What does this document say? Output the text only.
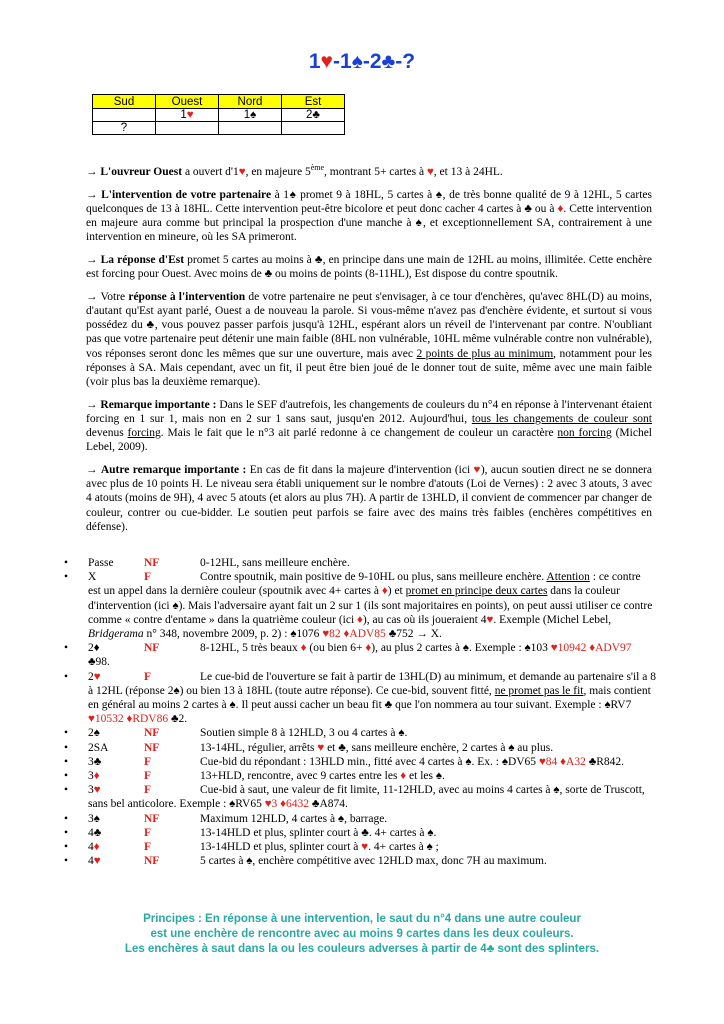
1♥-1♠-2♣-?
Sud	Ouest	Nord	Est
	1♥	1♠	2♣
?			

→ L'ouvreur Ouest a ouvert d'1♥, en majeure 5ème, montrant 5+ cartes à ♥, et 13 à 24HL.

→ L'intervention de votre partenaire à 1♠ promet 9 à 18HL, 5 cartes à ♠, de très bonne qualité de 9 à 12HL, 5 cartes quelconques de 13 à 18HL. Cette intervention peut-être bicolore et peut donc cacher 4 cartes à ♣ ou à ♦. Cette intervention en majeure aura comme but principal la prospection d'une manche à ♠, et exceptionnellement SA, contrairement à une intervention en mineure, où les SA primeront.

→ La réponse d'Est promet 5 cartes au moins à ♣, en principe dans une main de 12HL au moins, illimitée. Cette enchère est forcing pour Ouest. Avec moins de ♣ ou moins de points (8-11HL), Est dispose du contre spoutnik.

→ Votre réponse à l'intervention de votre partenaire ne peut s'envisager, à ce tour d'enchères, qu'avec 8HL(D) au moins, d'autant qu'Est ayant parlé, Ouest a de nouveau la parole. Si vous-même n'avez pas d'enchère évidente, et surtout si vous possédez du ♣, vous pouvez passer parfois jusqu'à 12HL, espérant alors un réveil de l'intervenant par contre. N'oubliant pas que votre partenaire peut détenir une main faible (8HL non vulnérable, 10HL même vulnérable contre non vulnérable), vos réponses seront donc les mêmes que sur une ouverture, mais avec 2 points de plus au minimum, notamment pour les réponses à SA. Mais cependant, avec un fit, il peut être bien joué de le donner tout de suite, même avec une main faible (voir plus bas la deuxième remarque).

→ Remarque importante : Dans le SEF d'autrefois, les changements de couleurs du n°4 en réponse à l'intervenant étaient forcing en 1 sur 1, mais non en 2 sur 1 sans saut, jusqu'en 2012. Aujourd'hui, tous les changements de couleur sont devenus forcing. Mais le fait que le n°3 ait parlé redonne à ce changement de couleur un caractère non forcing (Michel Lebel, 2009).

→ Autre remarque importante : En cas de fit dans la majeure d'intervention (ici ♥), aucun soutien direct ne se donnera avec plus de 10 points H. Le niveau sera établi uniquement sur le nombre d'atouts (Loi de Vernes) : 2 avec 3 atouts, 3 avec 4 atouts (moins de 9H), 4 avec 5 atouts (et alors au plus 7H). A partir de 13HLD, il convient de commencer par changer de couleur, contrer ou cue-bidder. Le soutien peut parfois se faire avec des mains très faibles (enchères compétitives en défense).

• Passe	NF	0-12HL, sans meilleure enchère.
• X	F	Contre spoutnik, main positive de 9-10HL ou plus, sans meilleure enchère. Attention : ce contre est un appel dans la dernière couleur (spoutnik avec 4+ cartes à ♦) et promet en principe deux cartes dans la couleur d'intervention (ici ♠). Mais l'adversaire ayant fait un 2 sur 1 (ils sont majoritaires en points), on peut aussi utiliser ce contre comme « contre d'entame » dans la quatrième couleur (ici ♦), au cas où ils joueraient 4♥. Exemple (Michel Lebel, Bridgerama n° 348, novembre 2009, p. 2) : ♠1076 ♥82 ♦ADV85 ♣752 → X.
• 2♦	NF	8-12HL, 5 très beaux ♦ (ou bien 6+ ♦), au plus 2 cartes à ♠. Exemple : ♠103 ♥10942 ♦ADV97 ♣98.
• 2♥	F	Le cue-bid de l'ouverture se fait à partir de 13HL(D) au minimum, et demande au partenaire s'il a 8 à 12HL (réponse 2♠) ou bien 13 à 18HL (toute autre réponse). Ce cue-bid, souvent fitté, ne promet pas le fit, mais contient en général au moins 2 cartes à ♠. Il peut aussi cacher un beau fit ♣ que l'on nommera au tour suivant. Exemple : ♠RV7 ♥10532 ♦RDV86 ♣2.
• 2♠	NF	Soutien simple 8 à 12HLD, 3 ou 4 cartes à ♠.
• 2SA	NF	13-14HL, régulier, arrêts ♥ et ♣, sans meilleure enchère, 2 cartes à ♠ au plus.
• 3♣	F	Cue-bid du répondant : 13HLD min., fitté avec 4 cartes à ♠. Ex. : ♠DV65 ♥84 ♦A32 ♣R842.
• 3♦	F	13+HLD, rencontre, avec 9 cartes entre les ♦ et les ♠.
• 3♥	F	Cue-bid à saut, une valeur de fit limite, 11-12HLD, avec au moins 4 cartes à ♠, sorte de Truscott, sans bel anticolore. Exemple : ♠RV65 ♥3 ♦6432 ♣A874.
• 3♠	NF	Maximum 12HLD, 4 cartes à ♠, barrage.
• 4♣	F	13-14HLD et plus, splinter court à ♣. 4+ cartes à ♠.
• 4♦	F	13-14HLD et plus, splinter court à ♥. 4+ cartes à ♠ ;
• 4♥	NF	5 cartes à ♠, enchère compétitive avec 12HLD max, donc 7H au maximum.
Principes : En réponse à une intervention, le saut du n°4 dans une autre couleur
est une enchère de rencontre avec au moins 9 cartes dans les deux couleurs.
Les enchères à saut dans la ou les couleurs adverses à partir de 4♣ sont des splinters.
